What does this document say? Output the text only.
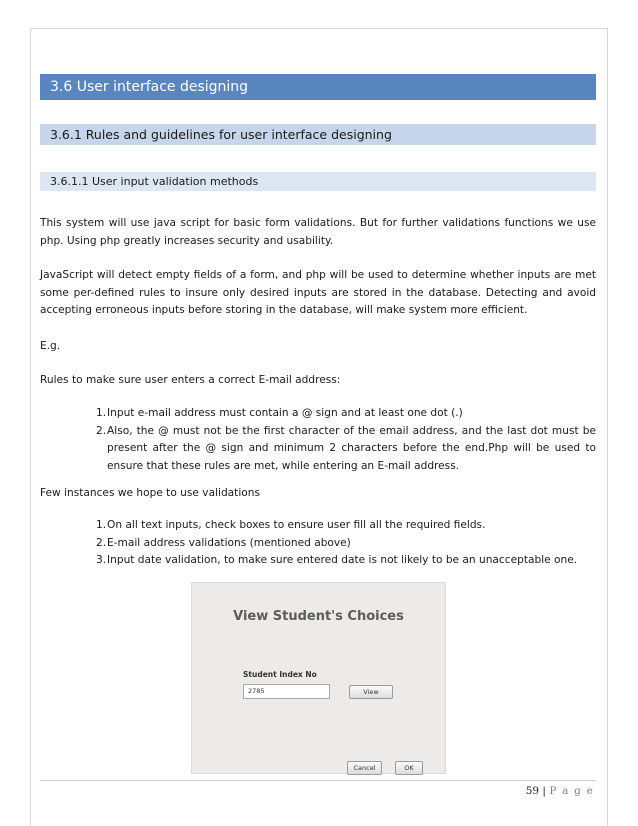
3.6 User interface designing
3.6.1 Rules and guidelines for user interface designing
3.6.1.1 User input validation methods

This system will use java script for basic form validations. But for further validations functions we use php. Using php greatly increases security and usability.

JavaScript will detect empty fields of a form, and php will be used to determine whether inputs are met some per-defined rules to insure only desired inputs are stored in the database. Detecting and avoid accepting erroneous inputs before storing in the database, will make system more efficient.

E.g.

Rules to make sure user enters a correct E-mail address:

1. Input e-mail address must contain a @ sign and at least one dot (.)
2. Also, the @ must not be the first character of the email address, and the last dot must be present after the @ sign and minimum 2 characters before the end.Php will be used to ensure that these rules are met, while entering an E-mail address.

Few instances we hope to use validations

1. On all text inputs, check boxes to ensure user fill all the required fields.
2. E-mail address validations (mentioned above)
3. Input date validation, to make sure entered date is not likely to be an unacceptable one.
View Student's Choices
Student Index No
2785	View
Cancel	OK
59 | P a g e
